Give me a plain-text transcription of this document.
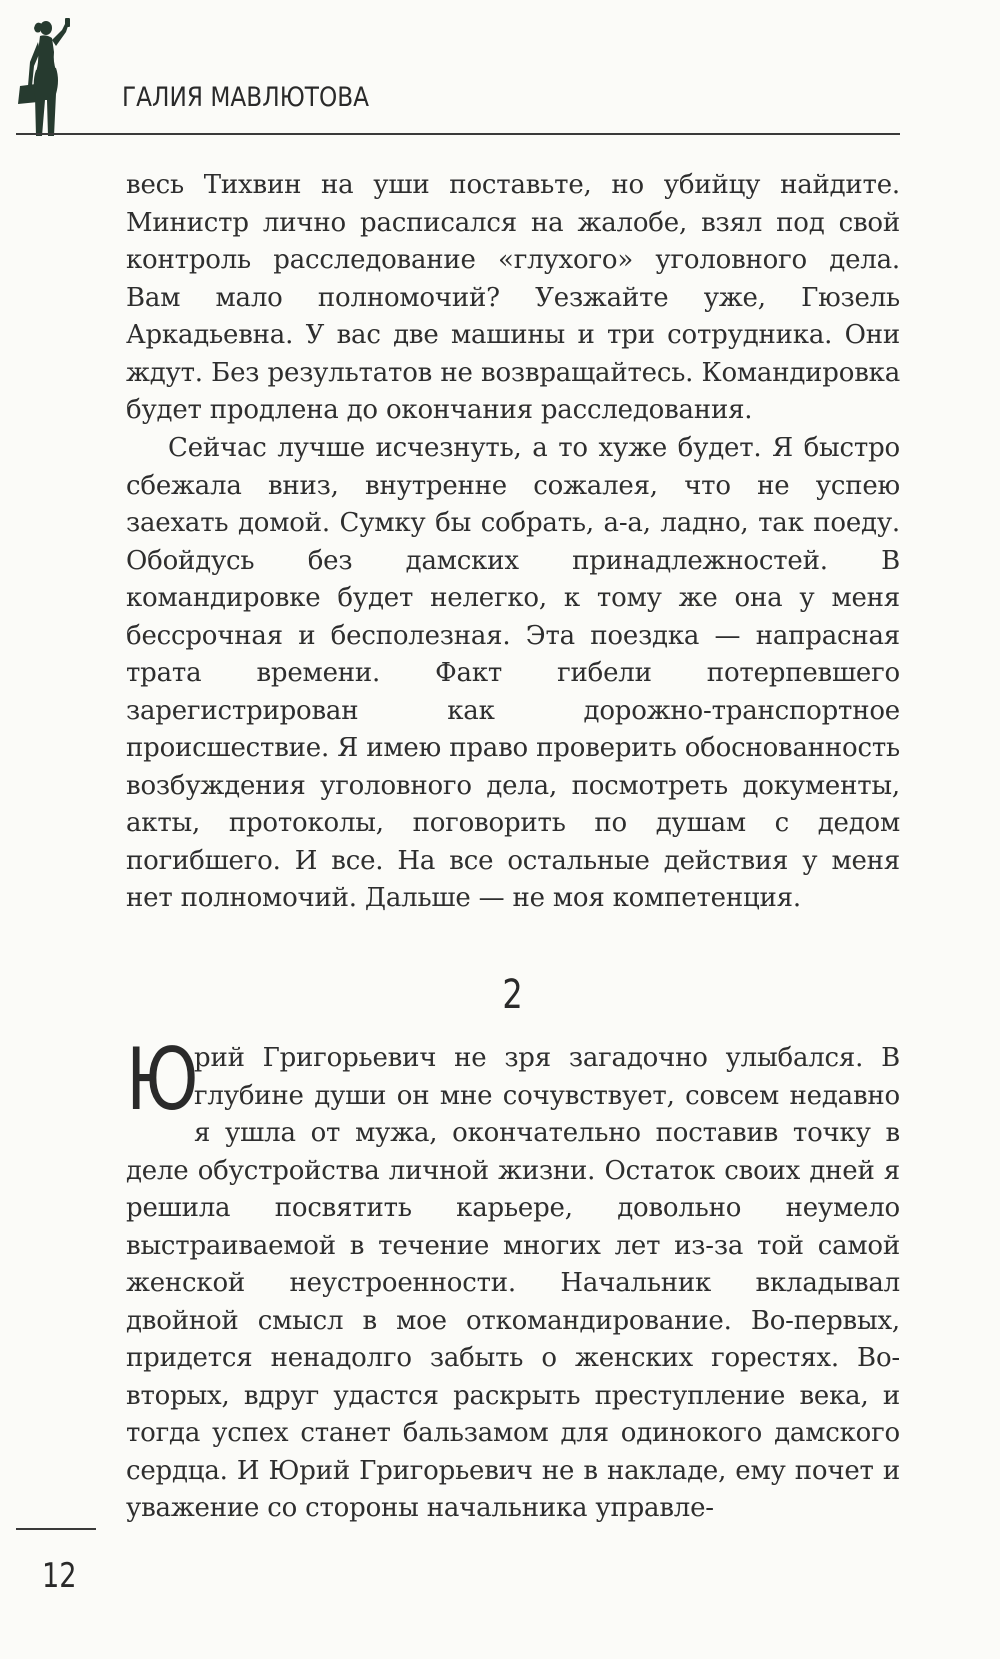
ГАЛИЯ МАВЛЮТОВА

весь Тихвин на уши поставьте, но убийцу найдите. Министр лично расписался на жалобе, взял под свой контроль расследование «глухого» уголовного дела. Вам мало полномочий? Уезжайте уже, Гюзель Аркадьевна. У вас две машины и три сотрудника. Они ждут. Без результатов не возвращайтесь. Командировка будет продлена до окончания расследования.

Сейчас лучше исчезнуть, а то хуже будет. Я быстро сбежала вниз, внутренне сожалея, что не успею заехать домой. Сумку бы собрать, а-а, ладно, так поеду. Обойдусь без дамских принадлежностей. В командировке будет нелегко, к тому же она у меня бессрочная и бесполезная. Эта поездка — напрасная трата времени. Факт гибели потерпевшего зарегистрирован как дорожно-транспортное происшествие. Я имею право проверить обоснованность возбуждения уголовного дела, посмотреть документы, акты, протоколы, поговорить по душам с дедом погибшего. И все. На все остальные действия у меня нет полномочий. Дальше — не моя компетенция.

2

Ю
рий Григорьевич не зря загадочно улыбался. В глубине души он мне сочувствует, совсем недавно я ушла от мужа, окончательно поставив точку в деле обустройства личной жизни. Остаток своих дней я решила посвятить карьере, довольно неумело выстраиваемой в течение многих лет из-за той самой женской неустроенности. Начальник вкладывал двойной смысл в мое откомандирование. Во-первых, придется ненадолго забыть о женских горестях. Во-вторых, вдруг удастся раскрыть преступление века, и тогда успех станет бальзамом для одинокого дамского сердца. И Юрий Григорьевич не в накладе, ему почет и уважение со стороны начальника управле-

12
